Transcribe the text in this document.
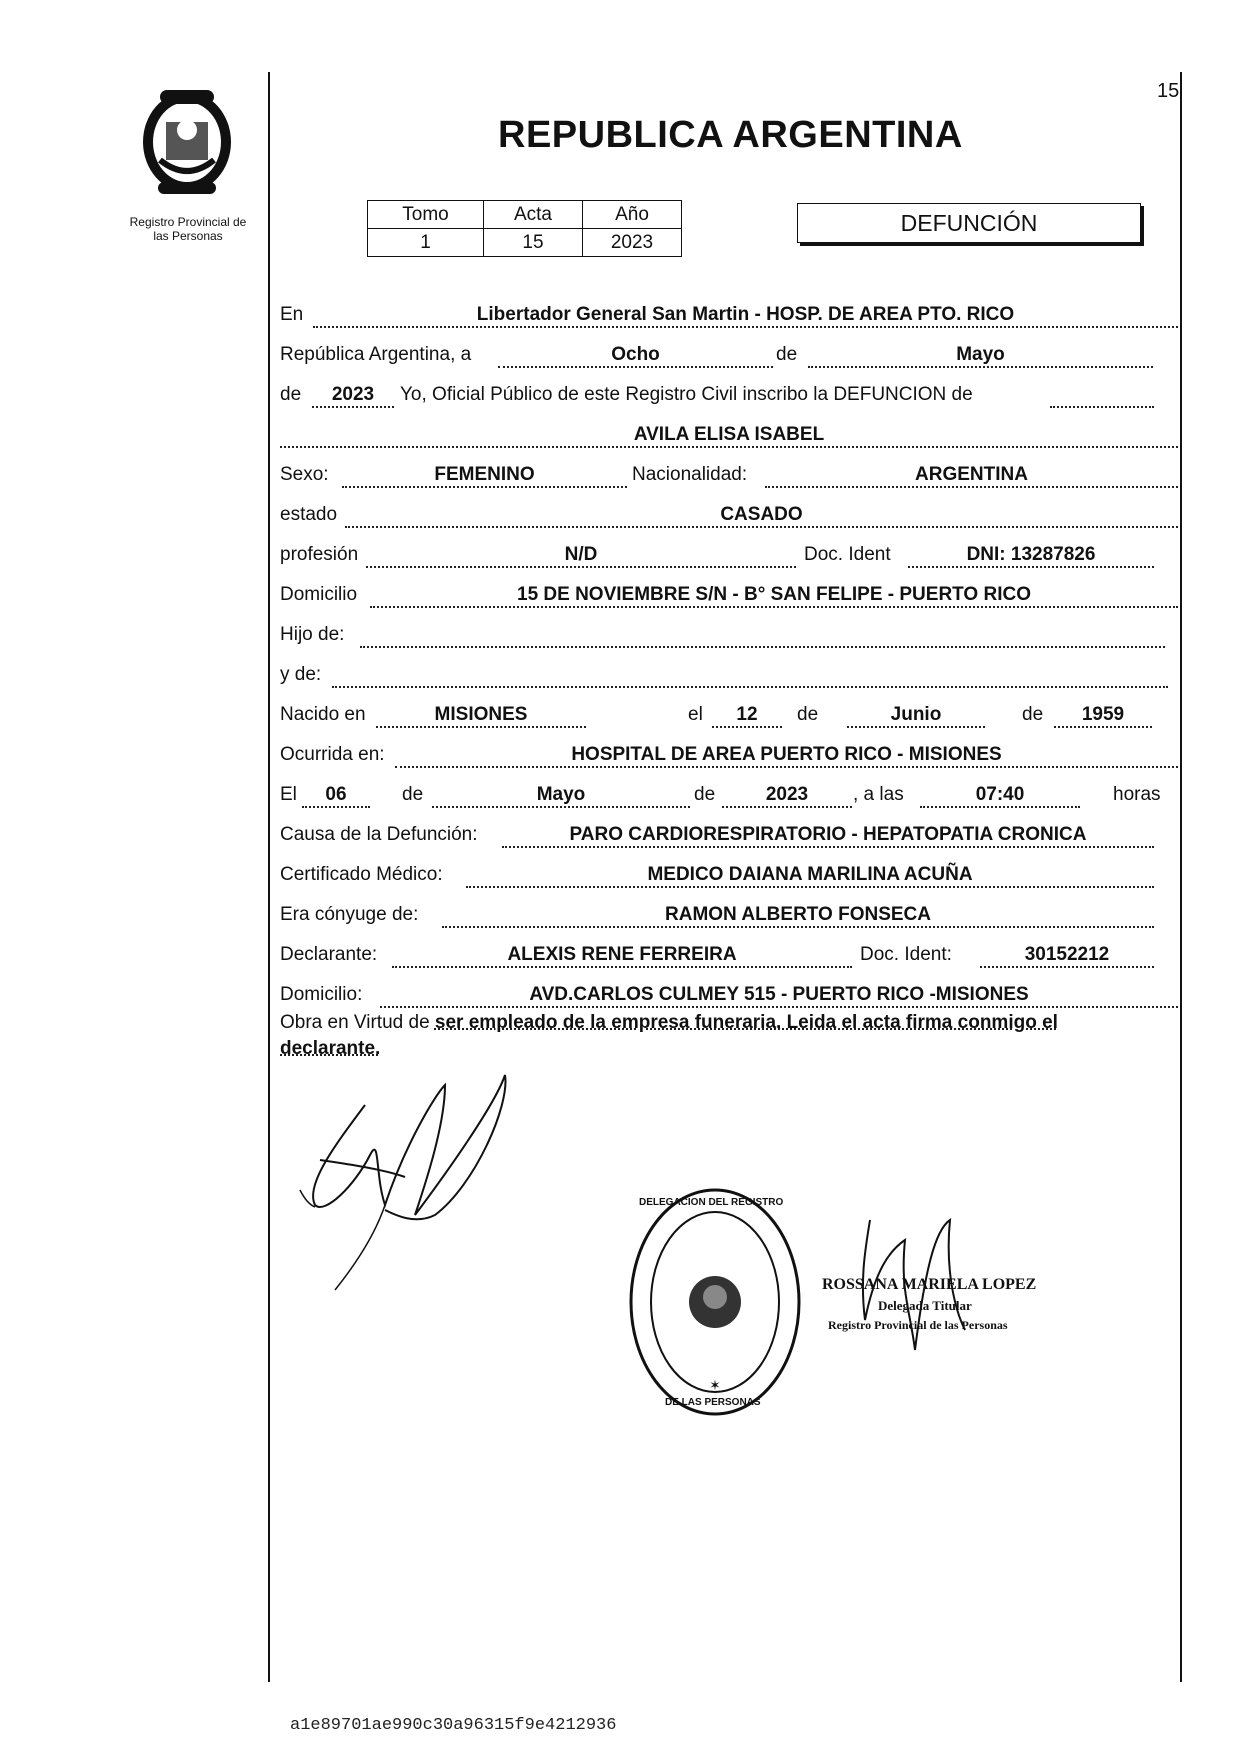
15
Registro Provincial de
las Personas
REPUBLICA ARGENTINA
Tomo	Acta	Año
1	15	2023
DEFUNCIÓN
En	Libertador General San Martin - HOSP. DE AREA PTO. RICO
República Argentina, a	Ocho	de	Mayo
de	2023	Yo, Oficial Público de este Registro Civil inscribo la DEFUNCION de
AVILA ELISA ISABEL
Sexo:	FEMENINO	Nacionalidad:	ARGENTINA
estado	CASADO
profesión	N/D	Doc. Ident	DNI: 13287826
Domicilio	15 DE NOVIEMBRE S/N - B° SAN FELIPE - PUERTO RICO
Hijo de:
y de:
Nacido en	MISIONES	el	12	de	Junio	de	1959
Ocurrida en:	HOSPITAL DE AREA PUERTO RICO - MISIONES
El	06	de	Mayo	de	2023	, a las	07:40	horas
Causa de la Defunción:	PARO CARDIORESPIRATORIO - HEPATOPATIA CRONICA
Certificado Médico:	MEDICO DAIANA MARILINA ACUÑA
Era cónyuge de:	RAMON ALBERTO FONSECA
Declarante:	ALEXIS RENE FERREIRA	Doc. Ident:	30152212
Domicilio:	AVD.CARLOS CULMEY 515 - PUERTO RICO -MISIONES
Obra en Virtud de ser empleado de la empresa funeraria. Leida el acta firma conmigo el
declarante.
DELEGACION DEL REGISTRO
DE LAS PERSONAS
✶
ROSSANA MARIELA LOPEZ
Delegada Titular
Registro Provincial de las Personas
a1e89701ae990c30a96315f9e4212936
